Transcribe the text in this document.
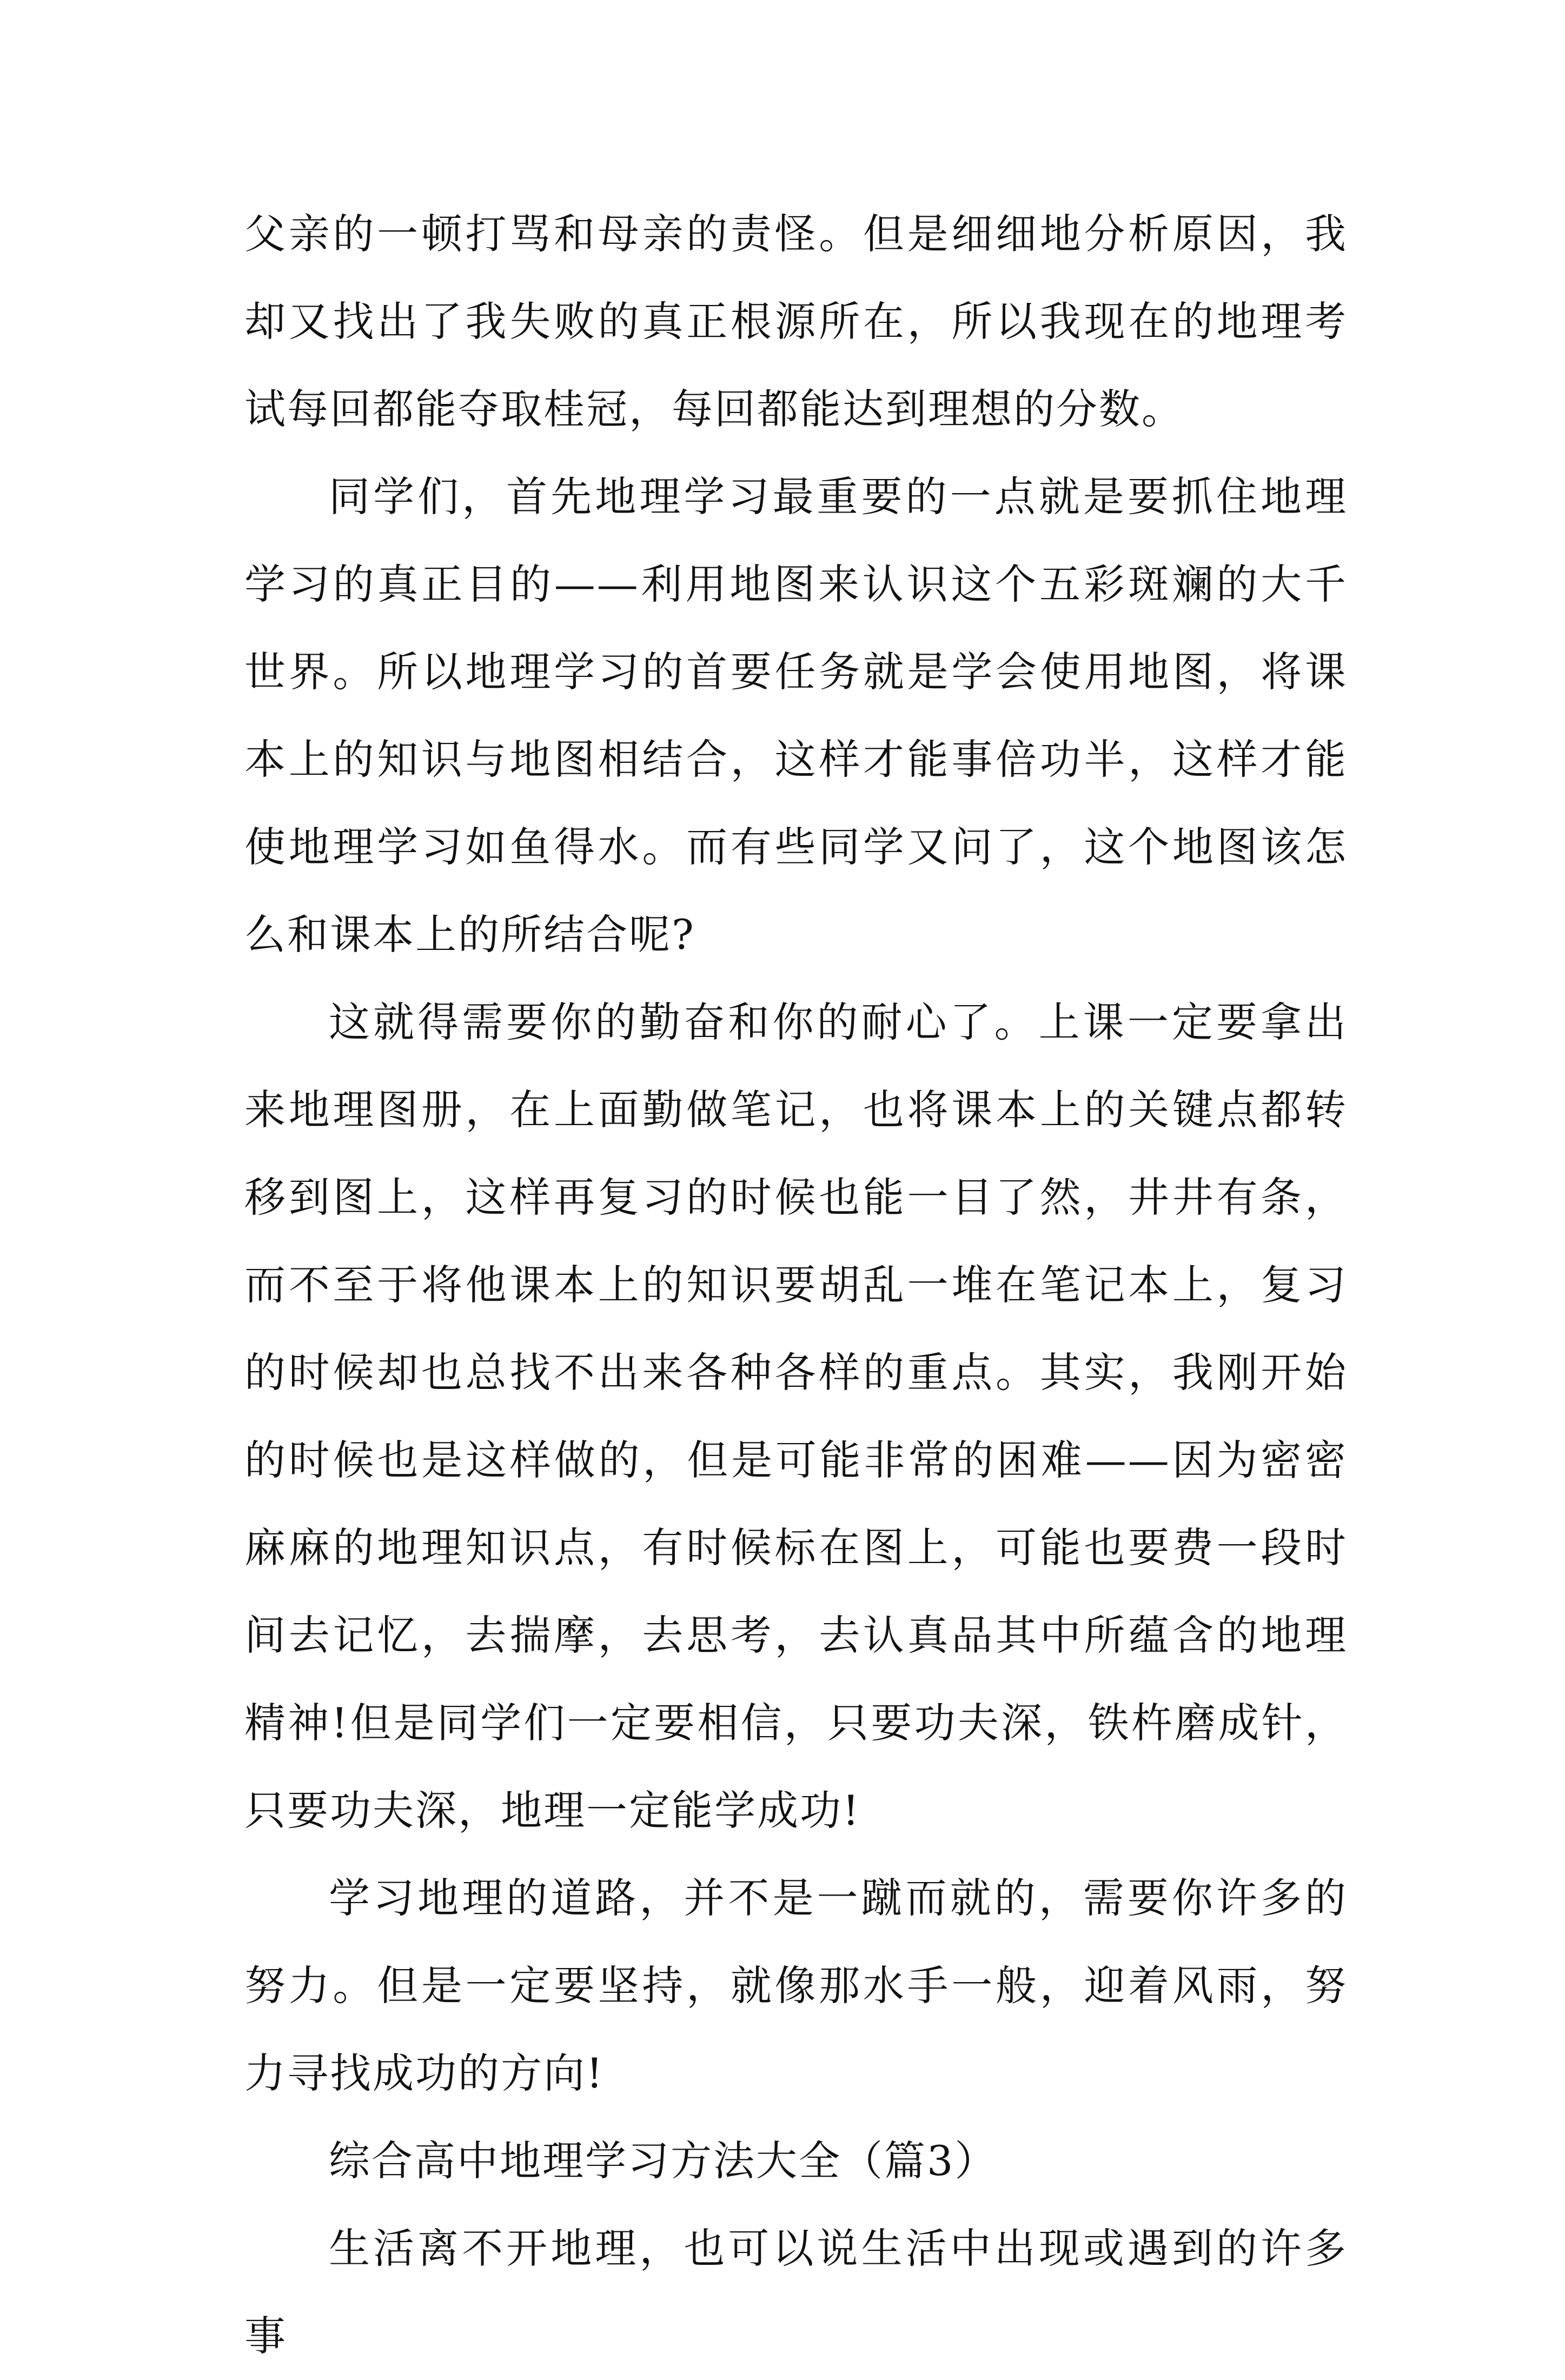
父亲的一顿打骂和母亲的责怪。但是细细地分析原因，我却又找出了我失败的真正根源所在，所以我现在的地理考试每回都能夺取桂冠，每回都能达到理想的分数。

同学们，首先地理学习最重要的一点就是要抓住地理学习的真正目的——利用地图来认识这个五彩斑斓的大千世界。所以地理学习的首要任务就是学会使用地图，将课本上的知识与地图相结合，这样才能事倍功半，这样才能使地理学习如鱼得水。而有些同学又问了，这个地图该怎么和课本上的所结合呢?

这就得需要你的勤奋和你的耐心了。上课一定要拿出来地理图册，在上面勤做笔记，也将课本上的关键点都转移到图上，这样再复习的时候也能一目了然，井井有条，而不至于将他课本上的知识要胡乱一堆在笔记本上，复习的时候却也总找不出来各种各样的重点。其实，我刚开始的时候也是这样做的，但是可能非常的困难——因为密密麻麻的地理知识点，有时候标在图上，可能也要费一段时间去记忆，去揣摩，去思考，去认真品其中所蕴含的地理精神!但是同学们一定要相信，只要功夫深，铁杵磨成针，只要功夫深，地理一定能学成功!

学习地理的道路，并不是一蹴而就的，需要你许多的努力。但是一定要坚持，就像那水手一般，迎着风雨，努力寻找成功的方向!

综合高中地理学习方法大全（篇3）

生活离不开地理，也可以说生活中出现或遇到的许多事
